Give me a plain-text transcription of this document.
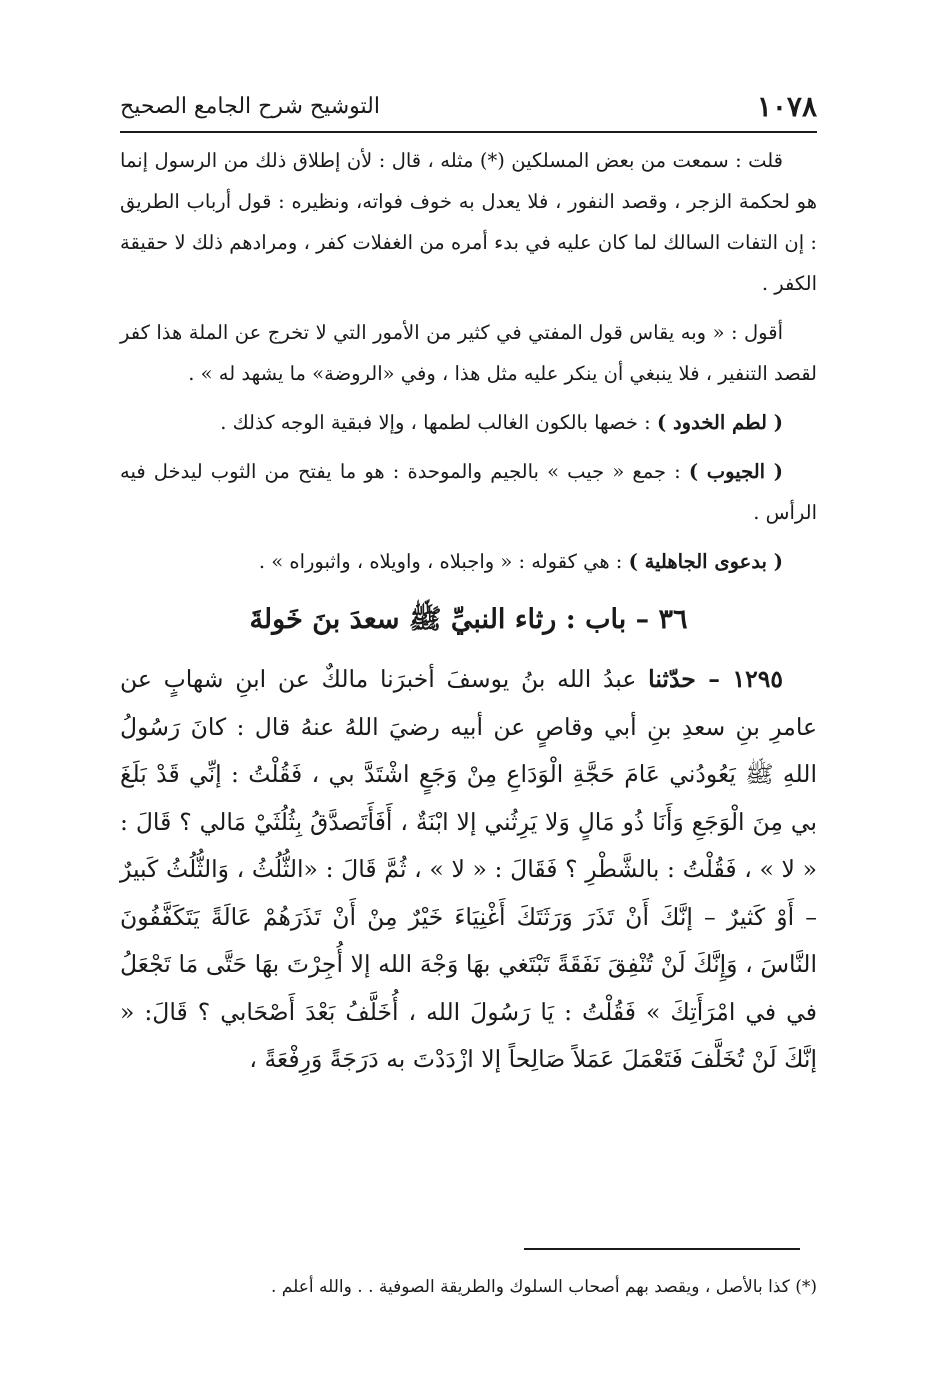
١٠٧٨
التوشيح شرح الجامع الصحيح

قلت : سمعت من بعض المسلكين (*) مثله ، قال : لأن إطلاق ذلك من الرسول إنما هو لحكمة الزجر ، وقصد النفور ، فلا يعدل به خوف فواته، ونظيره : قول أرباب الطريق : إن التفات السالك لما كان عليه في بدء أمره من الغفلات كفر ، ومرادهم ذلك لا حقيقة الكفر .

أقول : « وبه يقاس قول المفتي في كثير من الأمور التي لا تخرج عن الملة هذا كفر لقصد التنفير ، فلا ينبغي أن ينكر عليه مثل هذا ، وفي «الروضة» ما يشهد له » .

( لطم الخدود ) : خصها بالكون الغالب لطمها ، وإلا فبقية الوجه كذلك .

( الجيوب ) : جمع « جيب » بالجيم والموحدة : هو ما يفتح من الثوب ليدخل فيه الرأس .

( بدعوى الجاهلية ) : هي كقوله : « واجبلاه ، واويلاه ، واثبوراه » .

٣٦ – باب : رثاء النبيِّ ﷺ سعدَ بنَ خَولةَ

١٢٩٥ – حدّثنا عبدُ الله بنُ يوسفَ أخبرَنا مالكٌ عن ابنِ شهابٍ عن عامرِ بنِ سعدِ بنِ أبي وقاصٍ عن أبيه رضيَ اللهُ عنهُ قال : كانَ رَسُولُ اللهِ ﷺ يَعُودُني عَامَ حَجَّةِ الْوَدَاعِ مِنْ وَجَعٍ اشْتَدَّ بي ، فَقُلْتُ : إنِّي قَدْ بَلَغَ بي مِنَ الْوَجَعِ وَأَنَا ذُو مَالٍ وَلا يَرِثُني إلا ابْنَةٌ ، أَفَأَتَصدَّقُ بِثُلُثَيْ مَالي ؟ قَالَ : « لا » ، فَقُلْتُ : بالشَّطْرِ ؟ فَقَالَ : « لا » ، ثُمَّ قَالَ : «الثُّلُثُ ، وَالثُّلُثُ كَبيرٌ – أَوْ كَثيرٌ – إنَّكَ أَنْ تَذَرَ وَرَثَتَكَ أَغْنِيَاءَ خَيْرٌ مِنْ أَنْ تَذَرَهُمْ عَالَةً يَتَكَفَّفُونَ النَّاسَ ، وَإِنَّكَ لَنْ تُنْفِقَ نَفَقَةً تَبْتَغي بهَا وَجْهَ الله إلا أُجِرْتَ بهَا حَتَّى مَا تَجْعَلُ في في امْرَأَتِكَ » فَقُلْتُ : يَا رَسُولَ الله ، أُخَلَّفُ بَعْدَ أَصْحَابي ؟ قَالَ: « إنَّكَ لَنْ تُخَلَّفَ فَتَعْمَلَ عَمَلاً صَالِحاً إلا ازْدَدْتَ به دَرَجَةً وَرِفْعَةً ،

(*) كذا بالأصل ، ويقصد بهم أصحاب السلوك والطريقة الصوفية . . والله أعلم .
